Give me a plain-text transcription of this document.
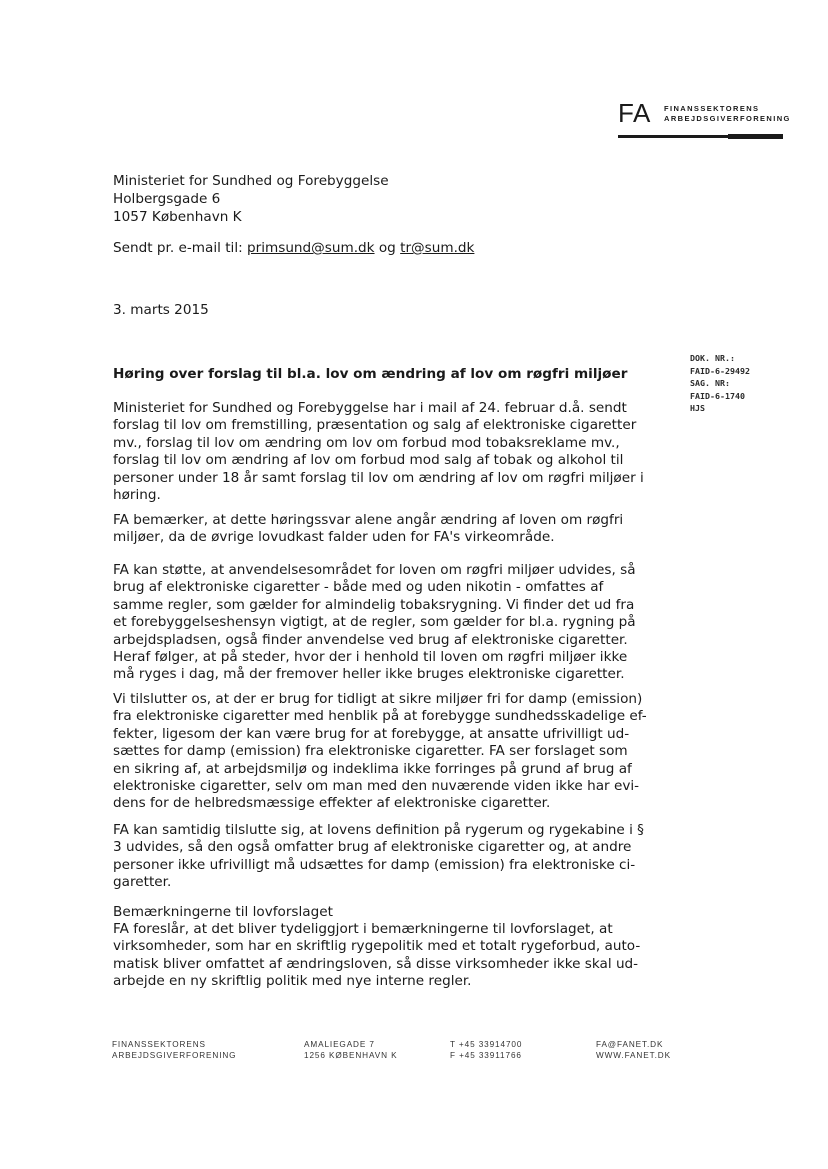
FA FINANSSEKTORENS
ARBEJDSGIVERFORENING
Ministeriet for Sundhed og Forebyggelse
Holbergsgade 6
1057 København K
Sendt pr. e-mail til: primsund@sum.dk og tr@sum.dk
3. marts 2015
DOK. NR.:
FAID-6-29492
SAG. NR:
FAID-6-1740
HJS
Høring over forslag til bl.a. lov om ændring af lov om røgfri miljøer
Ministeriet for Sundhed og Forebyggelse har i mail af 24. februar d.å. sendt
forslag til lov om fremstilling, præsentation og salg af elektroniske cigaretter
mv., forslag til lov om ændring om lov om forbud mod tobaksreklame mv.,
forslag til lov om ændring af lov om forbud mod salg af tobak og alkohol til
personer under 18 år samt forslag til lov om ændring af lov om røgfri miljøer i
høring.
FA bemærker, at dette høringssvar alene angår ændring af loven om røgfri
miljøer, da de øvrige lovudkast falder uden for FA's virkeområde.
FA kan støtte, at anvendelsesområdet for loven om røgfri miljøer udvides, så
brug af elektroniske cigaretter - både med og uden nikotin - omfattes af
samme regler, som gælder for almindelig tobaksrygning. Vi finder det ud fra
et forebyggelseshensyn vigtigt, at de regler, som gælder for bl.a. rygning på
arbejdspladsen, også finder anvendelse ved brug af elektroniske cigaretter.
Heraf følger, at på steder, hvor der i henhold til loven om røgfri miljøer ikke
må ryges i dag, må der fremover heller ikke bruges elektroniske cigaretter.
Vi tilslutter os, at der er brug for tidligt at sikre miljøer fri for damp (emission)
fra elektroniske cigaretter med henblik på at forebygge sundhedsskadelige ef-
fekter, ligesom der kan være brug for at forebygge, at ansatte ufrivilligt ud-
sættes for damp (emission) fra elektroniske cigaretter. FA ser forslaget som
en sikring af, at arbejdsmiljø og indeklima ikke forringes på grund af brug af
elektroniske cigaretter, selv om man med den nuværende viden ikke har evi-
dens for de helbredsmæssige effekter af elektroniske cigaretter.
FA kan samtidig tilslutte sig, at lovens definition på rygerum og rygekabine i §
3 udvides, så den også omfatter brug af elektroniske cigaretter og, at andre
personer ikke ufrivilligt må udsættes for damp (emission) fra elektroniske ci-
garetter.
Bemærkningerne til lovforslaget
FA foreslår, at det bliver tydeliggjort i bemærkningerne til lovforslaget, at
virksomheder, som har en skriftlig rygepolitik med et totalt rygeforbud, auto-
matisk bliver omfattet af ændringsloven, så disse virksomheder ikke skal ud-
arbejde en ny skriftlig politik med nye interne regler.
FINANSSEKTORENS
ARBEJDSGIVERFORENING
AMALIEGADE 7
1256 KØBENHAVN K
T +45 33914700
F +45 33911766
FA@FANET.DK
WWW.FANET.DK
